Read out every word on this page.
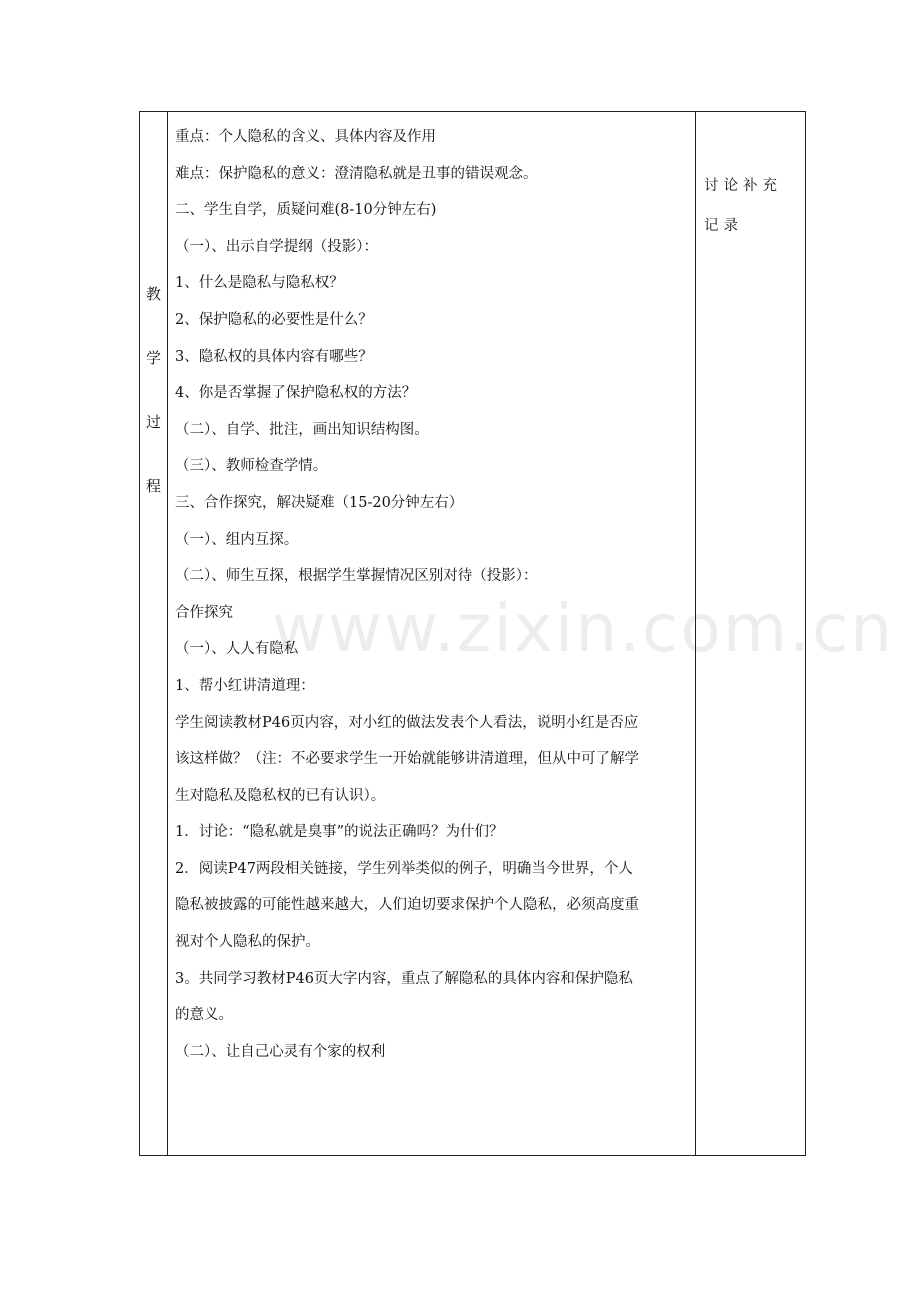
教
学
过
程
重点：个人隐私的含义、具体内容及作用
难点：保护隐私的意义：澄清隐私就是丑事的错误观念。
二、学生自学，质疑问难(8-10分钟左右)
（一）、出示自学提纲（投影）：
1、什么是隐私与隐私权？
2、保护隐私的必要性是什么？
3、隐私权的具体内容有哪些？
4、你是否掌握了保护隐私权的方法？
（二）、自学、批注，画出知识结构图。
（三）、教师检查学情。
三、合作探究，解决疑难（15-20分钟左右）
（一）、组内互探。
（二）、师生互探，根据学生掌握情况区别对待（投影）：
合作探究
（一）、人人有隐私
1、帮小红讲清道理：
学生阅读教材P46页内容，对小红的做法发表个人看法，说明小红是否应
该这样做？（注：不必要求学生一开始就能够讲清道理，但从中可了解学
生对隐私及隐私权的已有认识）。
1．讨论：“隐私就是臭事”的说法正确吗？为什们？
2．阅读P47两段相关链接，学生列举类似的例子，明确当今世界，个人
隐私被披露的可能性越来越大，人们迫切要求保护个人隐私，必须高度重
视对个人隐私的保护。
3。共同学习教材P46页大字内容，重点了解隐私的具体内容和保护隐私
的意义。
（二）、让自己心灵有个家的权利
讨论补充记录
www.zixin.com.cn
